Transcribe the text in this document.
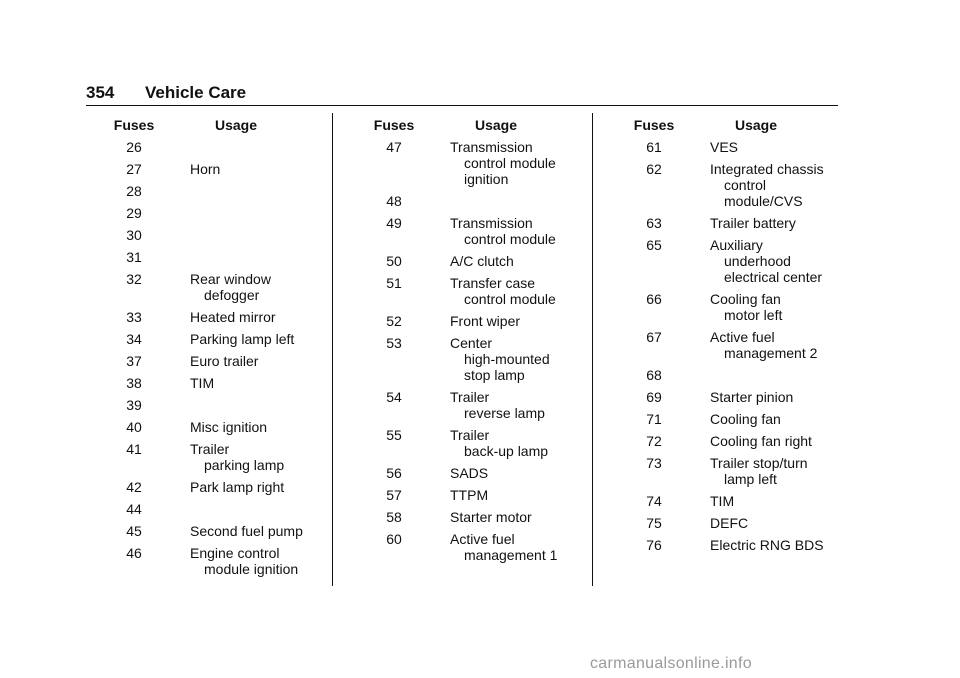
354 Vehicle Care
Fuses	Usage
26
27	Horn
28
29
30
31
32	Rear window
defogger
33	Heated mirror
34	Parking lamp left
37	Euro trailer
38	TIM
39
40	Misc ignition
41	Trailer
parking lamp
42	Park lamp right
44
45	Second fuel pump
46	Engine control
module ignition
Fuses	Usage
47	Transmission
control module
ignition
48
49	Transmission
control module
50	A/C clutch
51	Transfer case
control module
52	Front wiper
53	Center
high-mounted
stop lamp
54	Trailer
reverse lamp
55	Trailer
back-up lamp
56	SADS
57	TTPM
58	Starter motor
60	Active fuel
management 1
Fuses	Usage
61	VES
62	Integrated chassis
control
module/CVS
63	Trailer battery
65	Auxiliary
underhood
electrical center
66	Cooling fan
motor left
67	Active fuel
management 2
68
69	Starter pinion
71	Cooling fan
72	Cooling fan right
73	Trailer stop/turn
lamp left
74	TIM
75	DEFC
76	Electric RNG BDS
carmanualsonline.info
